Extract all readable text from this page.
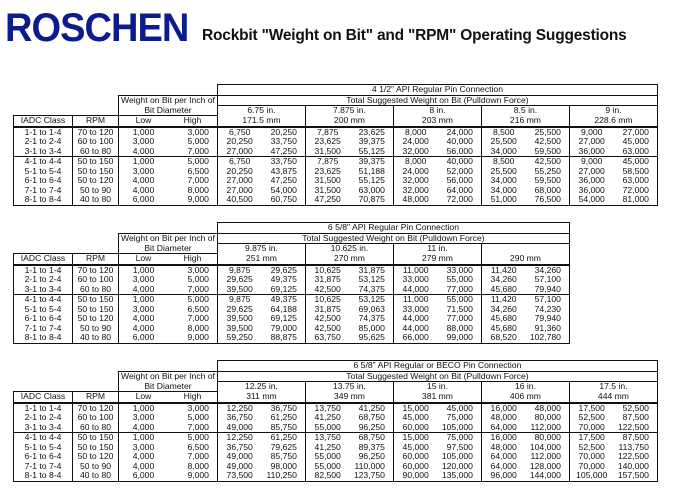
ROSCHEN Rockbit "Weight on Bit" and "RPM" Operating Suggestions
				4 1/2" API Regular Pin Connection									
		Weight on Bit per Inch of		Total Suggested Weight on Bit (Pulldown Force)									
		Bit Diameter		6.75 in.		7.875 in.		8 in.		8.5 in.		9 in.	
IADC Class	RPM	Low	High	171.5 mm		200 mm		203 mm		216 mm		228.6 mm	
1-1 to 1-4	70 to 120	1,000	3,000	6,750	20,250	7,875	23,625	8,000	24,000	8,500	25,500	9,000	27,000
2-1 to 2-4	60 to 100	3,000	5,000	20,250	33,750	23,625	39,375	24,000	40,000	25,500	42,500	27,000	45,000
3-1 to 3-4	60 to 80	4,000	7,000	27,000	47,250	31,500	55,125	32,000	56,000	34,000	59,500	36,000	63,000
4-1 to 4-4	50 to 150	1,000	5,000	6,750	33,750	7,875	39,375	8,000	40,000	8,500	42,500	9,000	45,000
5-1 to 5-4	50 to 150	3,000	6,500	20,250	43,875	23,625	51,188	24,000	52,000	25,500	55,250	27,000	58,500
6-1 to 6-4	50 to 120	4,000	7,000	27,000	47,250	31,500	55,125	32,000	56,000	34,000	59,500	36,000	63,000
7-1 to 7-4	50 to 90	4,000	8,000	27,000	54,000	31,500	63,000	32,000	64,000	34,000	68,000	36,000	72,000
8-1 to 8-4	40 to 80	6,000	9,000	40,500	60,750	47,250	70,875	48,000	72,000	51,000	76,500	54,000	81,000
				6 5/8" API Regular Pin Connection							
		Weight on Bit per Inch of		Total Suggested Weight on Bit (Pulldown Force)							
		Bit Diameter		9.875 in.		10.625 in.		11 in.			
IADC Class	RPM	Low	High	251 mm		270 mm		279 mm		290 mm	
1-1 to 1-4	70 to 120	1,000	3,000	9,875	29,625	10,625	31,875	11,000	33,000	11,420	34,260
2-1 to 2-4	60 to 100	3,000	5,000	29,625	49,375	31,875	53,125	33,000	55,000	34,260	57,100
3-1 to 3-4	60 to 80	4,000	7,000	39,500	69,125	42,500	74,375	44,000	77,000	45,680	79,940
4-1 to 4-4	50 to 150	1,000	5,000	9,875	49,375	10,625	53,125	11,000	55,000	11,420	57,100
5-1 to 5-4	50 to 150	3,000	6,500	29,625	64,188	31,875	69,063	33,000	71,500	34,260	74,230
6-1 to 6-4	50 to 120	4,000	7,000	39,500	69,125	42,500	74,375	44,000	77,000	45,680	79,940
7-1 to 7-4	50 to 90	4,000	8,000	39,500	79,000	42,500	85,000	44,000	88,000	45,680	91,360
8-1 to 8-4	40 to 80	6,000	9,000	59,250	88,875	63,750	95,625	66,000	99,000	68,520	102,780
				6 5/8" API Regular or BECO Pin Connection									
		Weight on Bit per Inch of		Total Suggested Weight on Bit (Pulldown Force)									
		Bit Diameter		12.25 in.		13.75 in.		15 in.		16 in.		17.5 in.	
IADC Class	RPM	Low	High	311 mm		349 mm		381 mm		406 mm		444 mm	
1-1 to 1-4	70 to 120	1,000	3,000	12,250	36,750	13,750	41,250	15,000	45,000	16,000	48,000	17,500	52,500
2-1 to 2-4	60 to 100	3,000	5,000	36,750	61,250	41,250	68,750	45,000	75,000	48,000	80,000	52,500	87,500
3-1 to 3-4	60 to 80	4,000	7,000	49,000	85,750	55,000	96,250	60,000	105,000	64,000	112,000	70,000	122,500
4-1 to 4-4	50 to 150	1,000	5,000	12,250	61,250	13,750	68,750	15,000	75,000	16,000	80,000	17,500	87,500
5-1 to 5-4	50 to 150	3,000	6,500	36,750	79,625	41,250	89,375	45,000	97,500	48,000	104,000	52,500	113,750
6-1 to 6-4	50 to 120	4,000	7,000	49,000	85,750	55,000	96,250	60,000	105,000	64,000	112,000	70,000	122,500
7-1 to 7-4	50 to 90	4,000	8,000	49,000	98,000	55,000	110,000	60,000	120,000	64,000	128,000	70,000	140,000
8-1 to 8-4	40 to 80	6,000	9,000	73,500	110,250	82,500	123,750	90,000	135,000	96,000	144,000	105,000	157,500
